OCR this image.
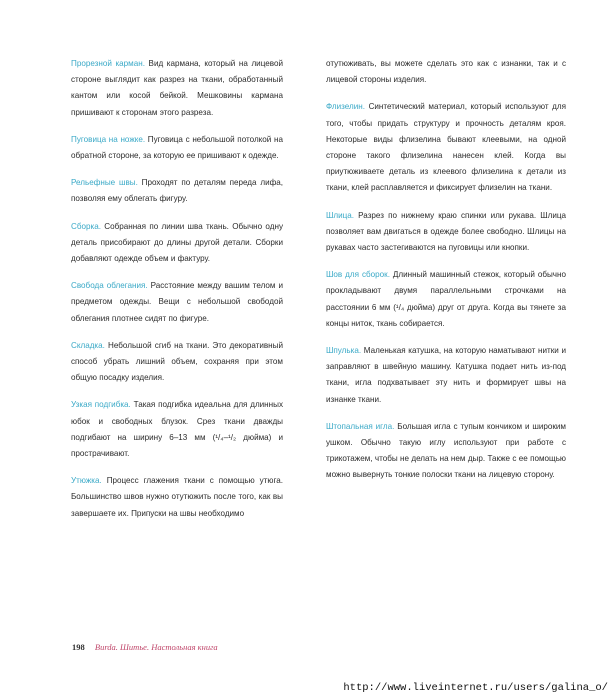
Прорезной карман. Вид кармана, который на лицевой стороне выглядит как разрез на ткани, обработанный кантом или косой бейкой. Мешковины кармана пришивают к сторонам этого разреза.

Пуговица на ножке. Пуговица с небольшой потолкой на обратной стороне, за которую ее пришивают к одежде.

Рельефные швы. Проходят по деталям переда лифа, позволяя ему облегать фигуру.

Сборка. Собранная по линии шва ткань. Обычно одну деталь присобирают до длины другой детали. Сборки добавляют одежде объем и фактуру.

Свобода облегания. Расстояние между вашим телом и предметом одежды. Вещи с небольшой свободой облегания плотнее сидят по фигуре.

Складка. Небольшой сгиб на ткани. Это декоративный способ убрать лишний объем, сохраняя при этом общую посадку изделия.

Узкая подгибка. Такая подгибка идеальна для длинных юбок и свободных блузок. Срез ткани дважды подгибают на ширину 6–13 мм (¹/₄–¹/₂ дюйма) и прострачивают.

Утюжка. Процесс глажения ткани с помощью утюга. Большинство швов нужно отутюжить после того, как вы завершаете их. Припуски на швы необходимо

отутюживать, вы можете сделать это как с изнанки, так и с лицевой стороны изделия.

Флизелин. Синтетический материал, который используют для того, чтобы придать структуру и прочность деталям кроя. Некоторые виды флизелина бывают клеевыми, на одной стороне такого флизелина нанесен клей. Когда вы приутюживаете деталь из клеевого флизелина к детали из ткани, клей расплавляется и фиксирует флизелин на ткани.

Шлица. Разрез по нижнему краю спинки или рукава. Шлица позволяет вам двигаться в одежде более свободно. Шлицы на рукавах часто застегиваются на пуговицы или кнопки.

Шов для сборок. Длинный машинный стежок, который обычно прокладывают двумя параллельными строчками на расстоянии 6 мм (¹/₄ дюйма) друг от друга. Когда вы тянете за концы ниток, ткань собирается.

Шпулька. Маленькая катушка, на которую наматывают нитки и заправляют в швейную машину. Катушка подает нить из-под ткани, игла подхватывает эту нить и формирует швы на изнанке ткани.

Штопальная игла. Большая игла с тупым кончиком и широким ушком. Обычно такую иглу используют при работе с трикотажем, чтобы не делать на нем дыр. Также с ее помощью можно вывернуть тонкие полоски ткани на лицевую сторону.

198 Burda. Шитье. Настольная книга
http://www.liveinternet.ru/users/galina_o/
